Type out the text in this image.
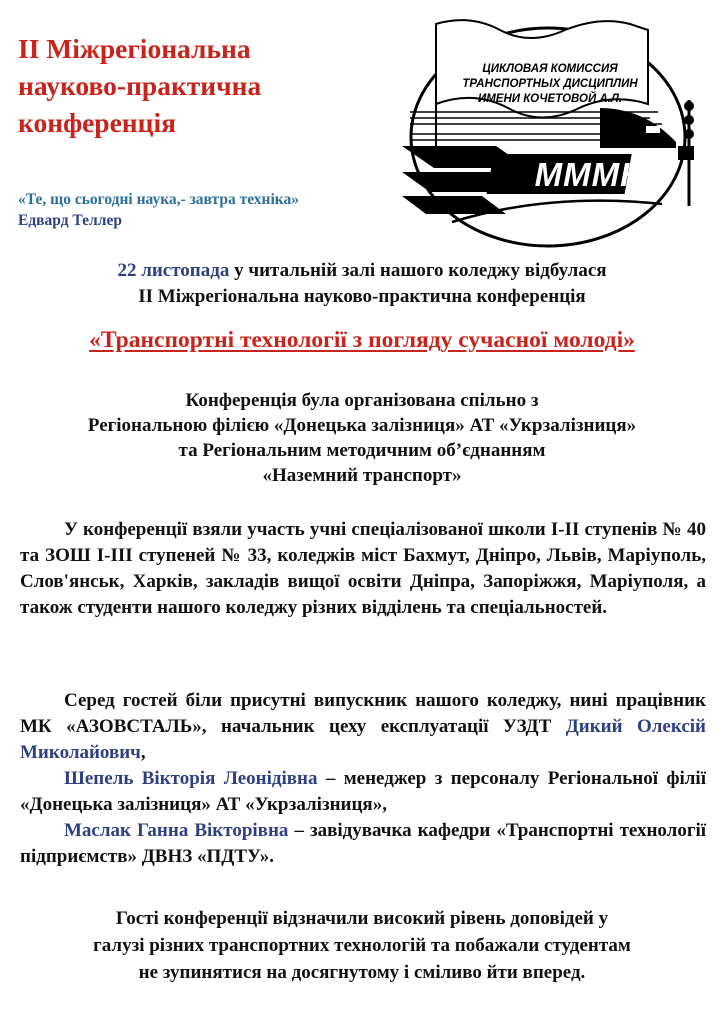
ІІ Міжрегіональна
науково-практична
конференція
«Те, що сьогодні наука,- завтра техніка»
Едвард Теллер
ЦИКЛОВАЯ КОМИССИЯ
ТРАНСПОРТНЫХ ДИСЦИПЛИН
ИМЕНИ КОЧЕТОВОЙ А.Л.
ММMК
22 листопада у читальній залі нашого коледжу відбулася
ІІ Міжрегіональна науково-практична конференція
«Транспортні технології з погляду сучасної молоді»
Конференція була організована спільно з
Регіональною філією «Донецька залізниця» АТ «Укрзалізниця»
та Регіональним методичним об’єднанням
«Наземний транспорт»

У конференції взяли участь учні спеціалізованої школи І-ІІ ступенів № 40 та ЗОШ І-ІІІ ступеней № 33, коледжів міст Бахмут, Дніпро, Львів, Маріуполь, Слов'янськ, Харків, закладів вищої освіти Дніпра, Запоріжжя, Маріуполя, а також студенти нашого коледжу різних відділень та спеціальностей.

Серед гостей біли присутні випускник нашого коледжу, нині працівник МК «АЗОВСТАЛЬ», начальник цеху експлуатації УЗДТ Дикий Олексій Миколайович,

Шепель Вікторія Леонідівна – менеджер з персоналу Регіональної філії «Донецька залізниця» АТ «Укрзалізниця»,

Маслак Ганна Вікторівна – завідувачка кафедри «Транспортні технології підприємств» ДВНЗ «ПДТУ».

Гості конференції відзначили високий рівень доповідей у
галузі різних транспортних технологій та побажали студентам
не зупинятися на досягнутому і сміливо йти вперед.
